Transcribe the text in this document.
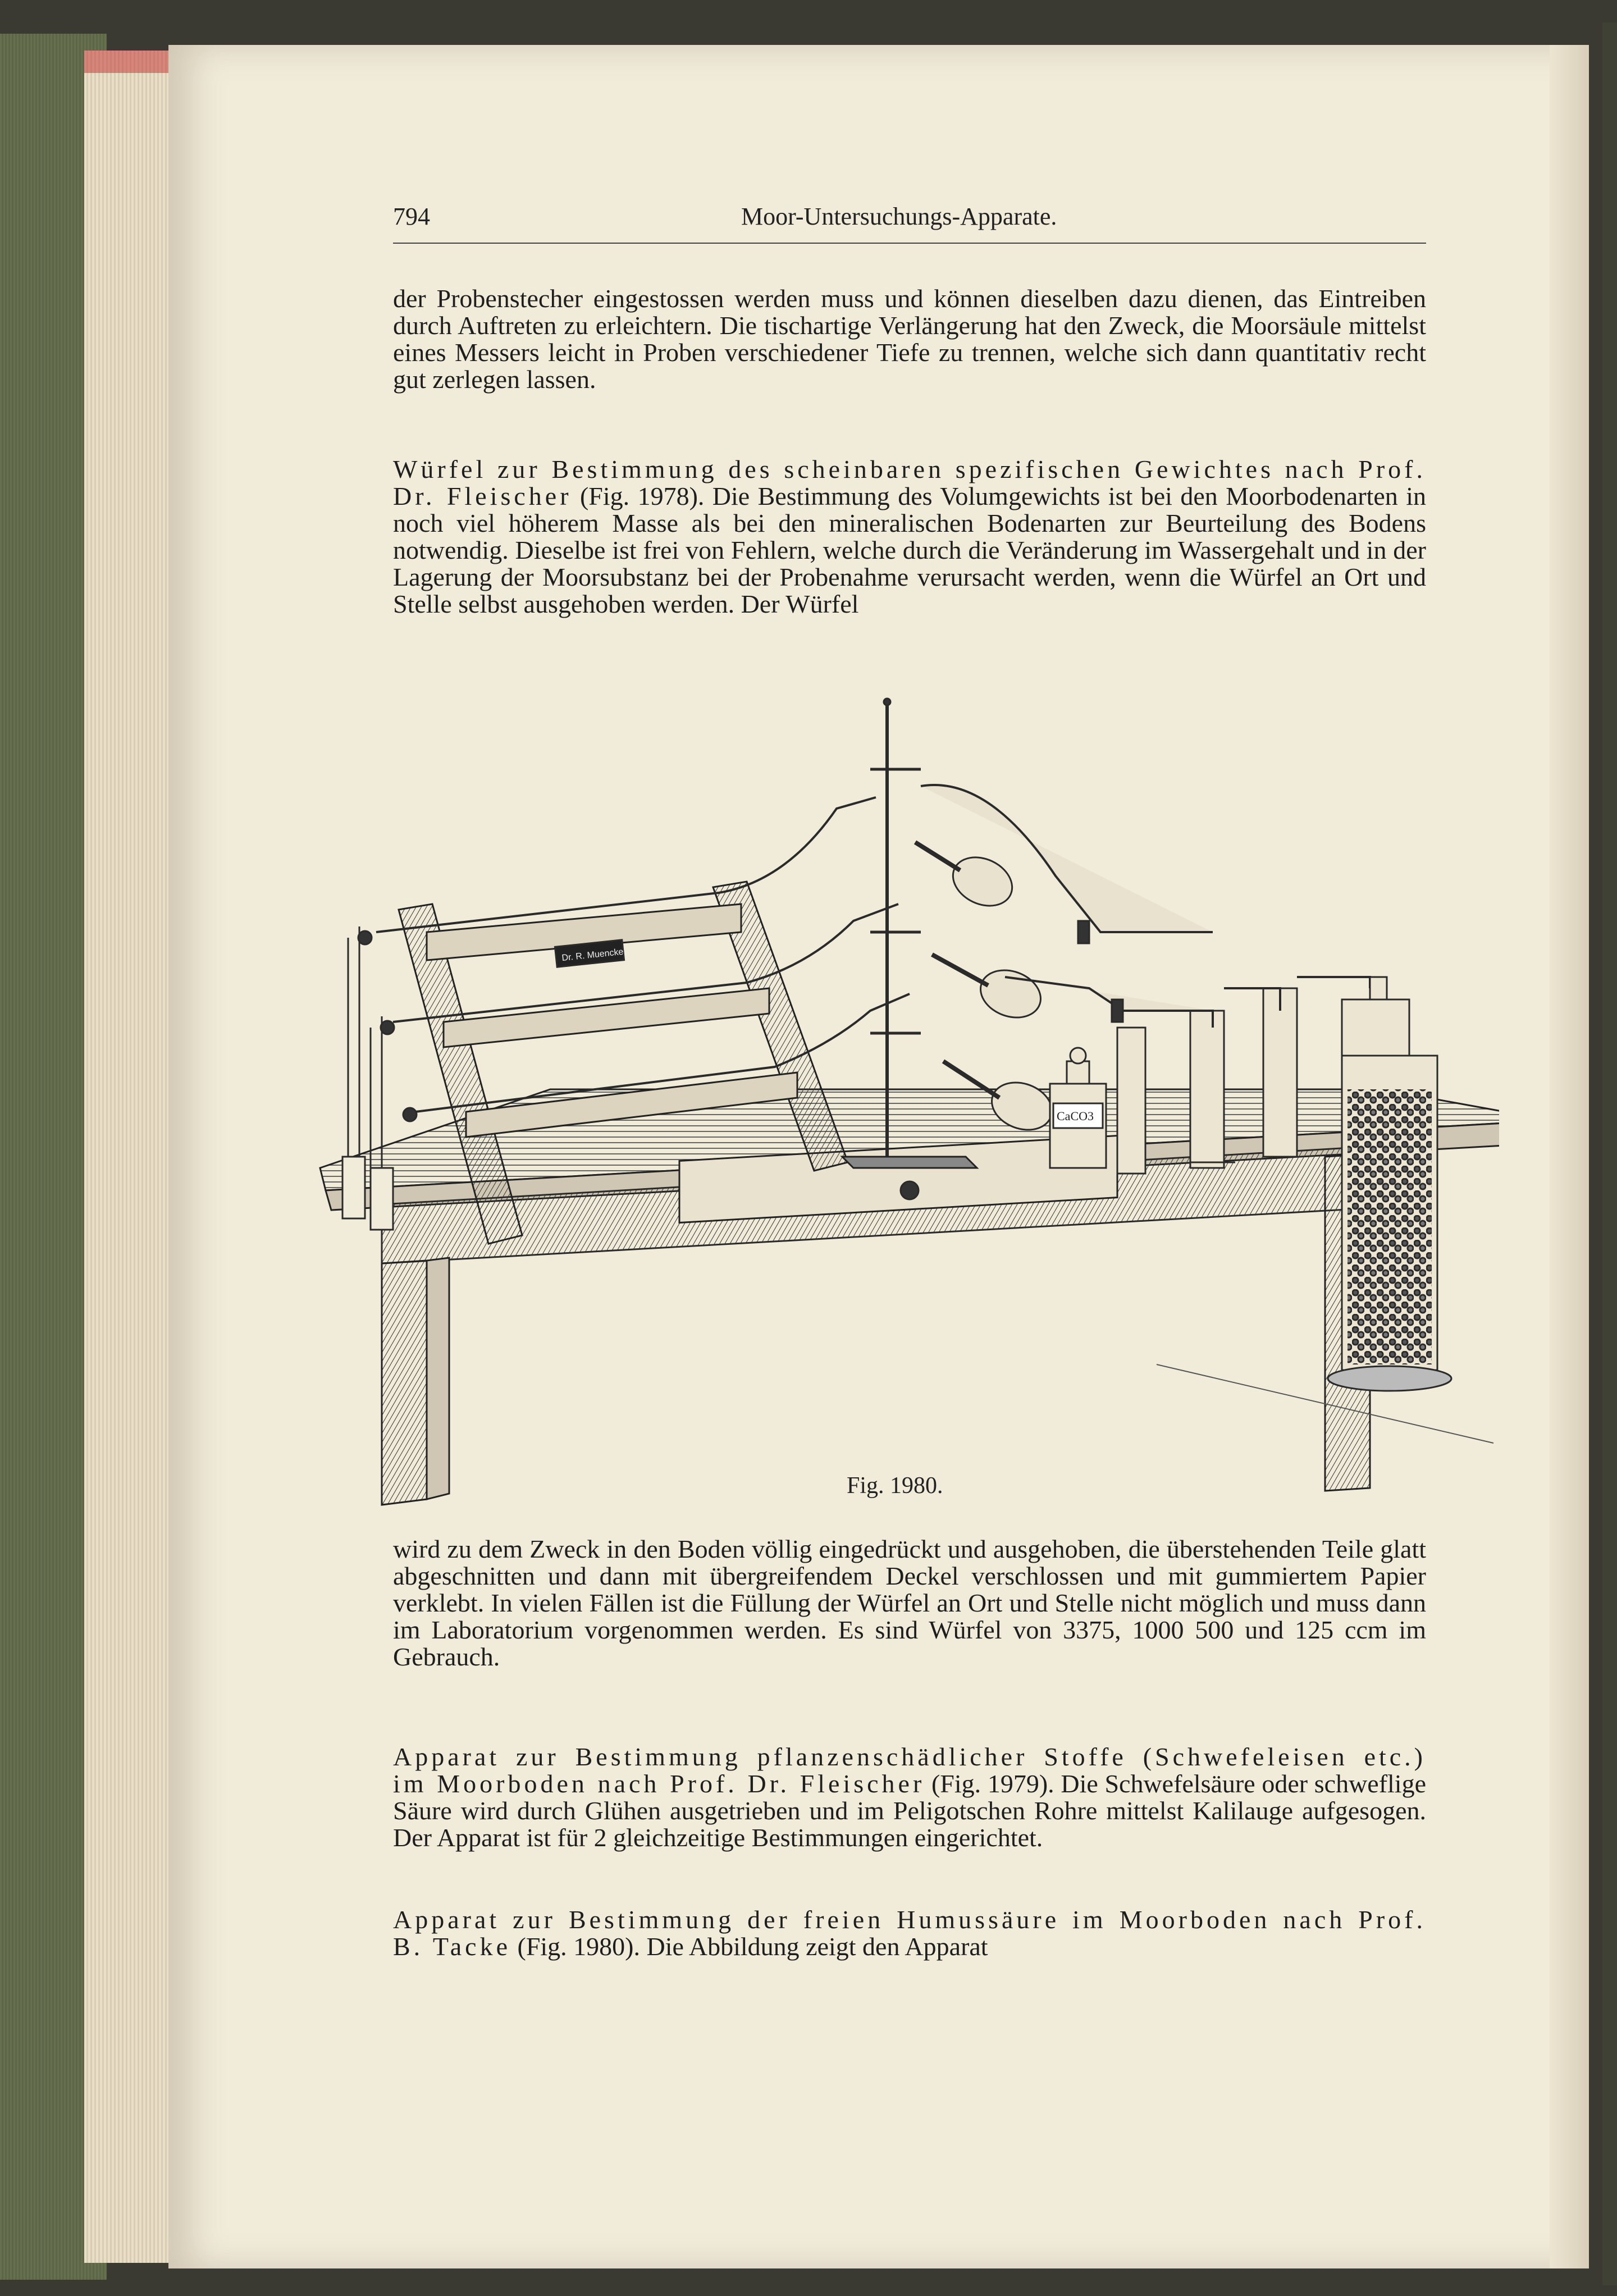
794	Moor-Untersuchungs-Apparate.

der Probenstecher eingestossen werden muss und können dieselben dazu dienen, das Eintreiben durch Auftreten zu erleichtern. Die tischartige Verlängerung hat den Zweck, die Moorsäule mittelst eines Messers leicht in Proben verschiedener Tiefe zu trennen, welche sich dann quantitativ recht gut zerlegen lassen.

Würfel zur Bestimmung des scheinbaren spezifischen Gewichtes nach Prof. Dr. Fleischer (Fig. 1978). Die Bestimmung des Volumgewichts ist bei den Moorbodenarten in noch viel höherem Masse als bei den mineralischen Bodenarten zur Beurteilung des Bodens notwendig. Dieselbe ist frei von Fehlern, welche durch die Veränderung im Wassergehalt und in der Lagerung der Moorsubstanz bei der Probenahme verursacht werden, wenn die Würfel an Ort und Stelle selbst ausgehoben werden. Der Würfel

Dr. R. Muencke
CaCO3
Fig. 1980.

wird zu dem Zweck in den Boden völlig eingedrückt und ausgehoben, die überstehenden Teile glatt abgeschnitten und dann mit übergreifendem Deckel verschlossen und mit gummiertem Papier verklebt. In vielen Fällen ist die Füllung der Würfel an Ort und Stelle nicht möglich und muss dann im Laboratorium vorgenommen werden. Es sind Würfel von 3375, 1000 500 und 125 ccm im Gebrauch.

Apparat zur Bestimmung pflanzenschädlicher Stoffe (Schwefeleisen etc.) im Moorboden nach Prof. Dr. Fleischer (Fig. 1979). Die Schwefelsäure oder schweflige Säure wird durch Glühen ausgetrieben und im Peligotschen Rohre mittelst Kalilauge aufgesogen. Der Apparat ist für 2 gleichzeitige Bestimmungen eingerichtet.

Apparat zur Bestimmung der freien Humussäure im Moorboden nach Prof. B. Tacke (Fig. 1980). Die Abbildung zeigt den Apparat
